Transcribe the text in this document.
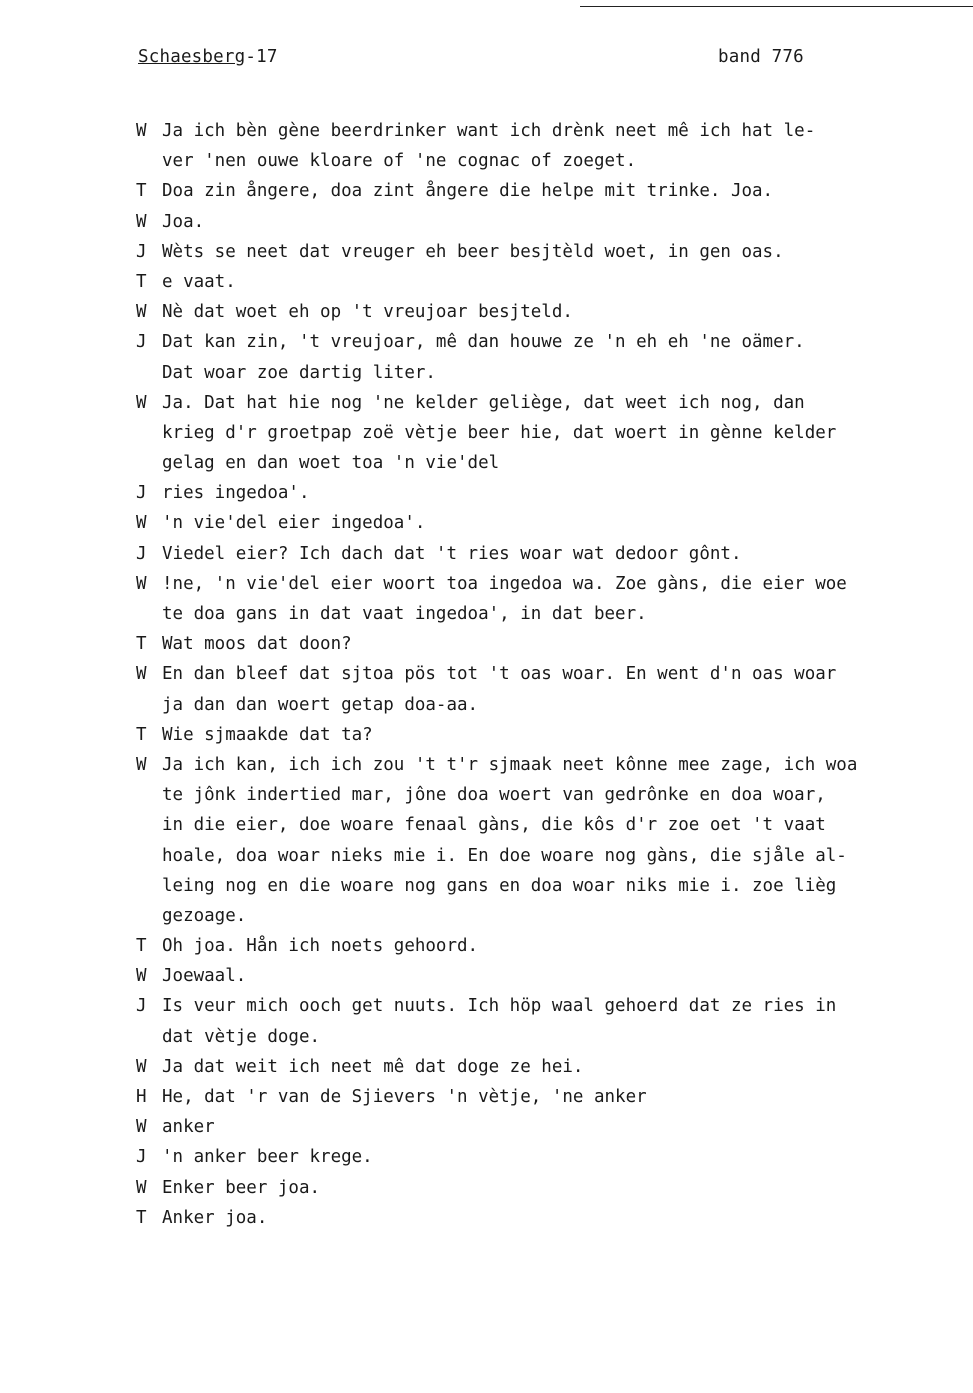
Schaesberg-17	band 776
W Ja ich bèn gène beerdrinker want ich drènk neet mê ich hat le-
ver 'nen ouwe kloare of 'ne cognac of zoeget.
T Doa zin ångere, doa zint ångere die helpe mit trinke. Joa.
W Joa.
J Wèts se neet dat vreuger eh beer besjtèld woet, in gen oas.
T e vaat.
W Nè dat woet eh op 't vreujoar besjteld.
J Dat kan zin, 't vreujoar, mê dan houwe ze 'n eh eh 'ne oämer.
Dat woar zoe dartig liter.
W Ja. Dat hat hie nog 'ne kelder geliège, dat weet ich nog, dan
krieg d'r groetpap zoë vètje beer hie, dat woert in gènne kelder
gelag en dan woet toa 'n vie'del
J ries ingedoa'.
W 'n vie'del eier ingedoa'.
J Viedel eier? Ich dach dat 't ries woar wat dedoor gônt.
W !ne, 'n vie'del eier woort toa ingedoa wa. Zoe gàns, die eier woe
te doa gans in dat vaat ingedoa', in dat beer.
T Wat moos dat doon?
W En dan bleef dat sjtoa pös tot 't oas woar. En went d'n oas woar
ja dan dan woert getap doa-aa.
T Wie sjmaakde dat ta?
W Ja ich kan, ich ich zou 't t'r sjmaak neet kônne mee zage, ich woa
te jônk indertied mar, jône doa woert van gedrônke en doa woar,
in die eier, doe woare fenaal gàns, die kôs d'r zoe oet 't vaat
hoale, doa woar nieks mie i. En doe woare nog gàns, die sjåle al-
leing nog en die woare nog gans en doa woar niks mie i. zoe lièg
gezoage.
T Oh joa. Hån ich noets gehoord.
W Joewaal.
J Is veur mich ooch get nuuts. Ich höp waal gehoerd dat ze ries in
dat vètje doge.
W Ja dat weit ich neet mê dat doge ze hei.
H He, dat 'r van de Sjievers 'n vètje, 'ne anker
W anker
J 'n anker beer krege.
W Enker beer joa.
T Anker joa.
